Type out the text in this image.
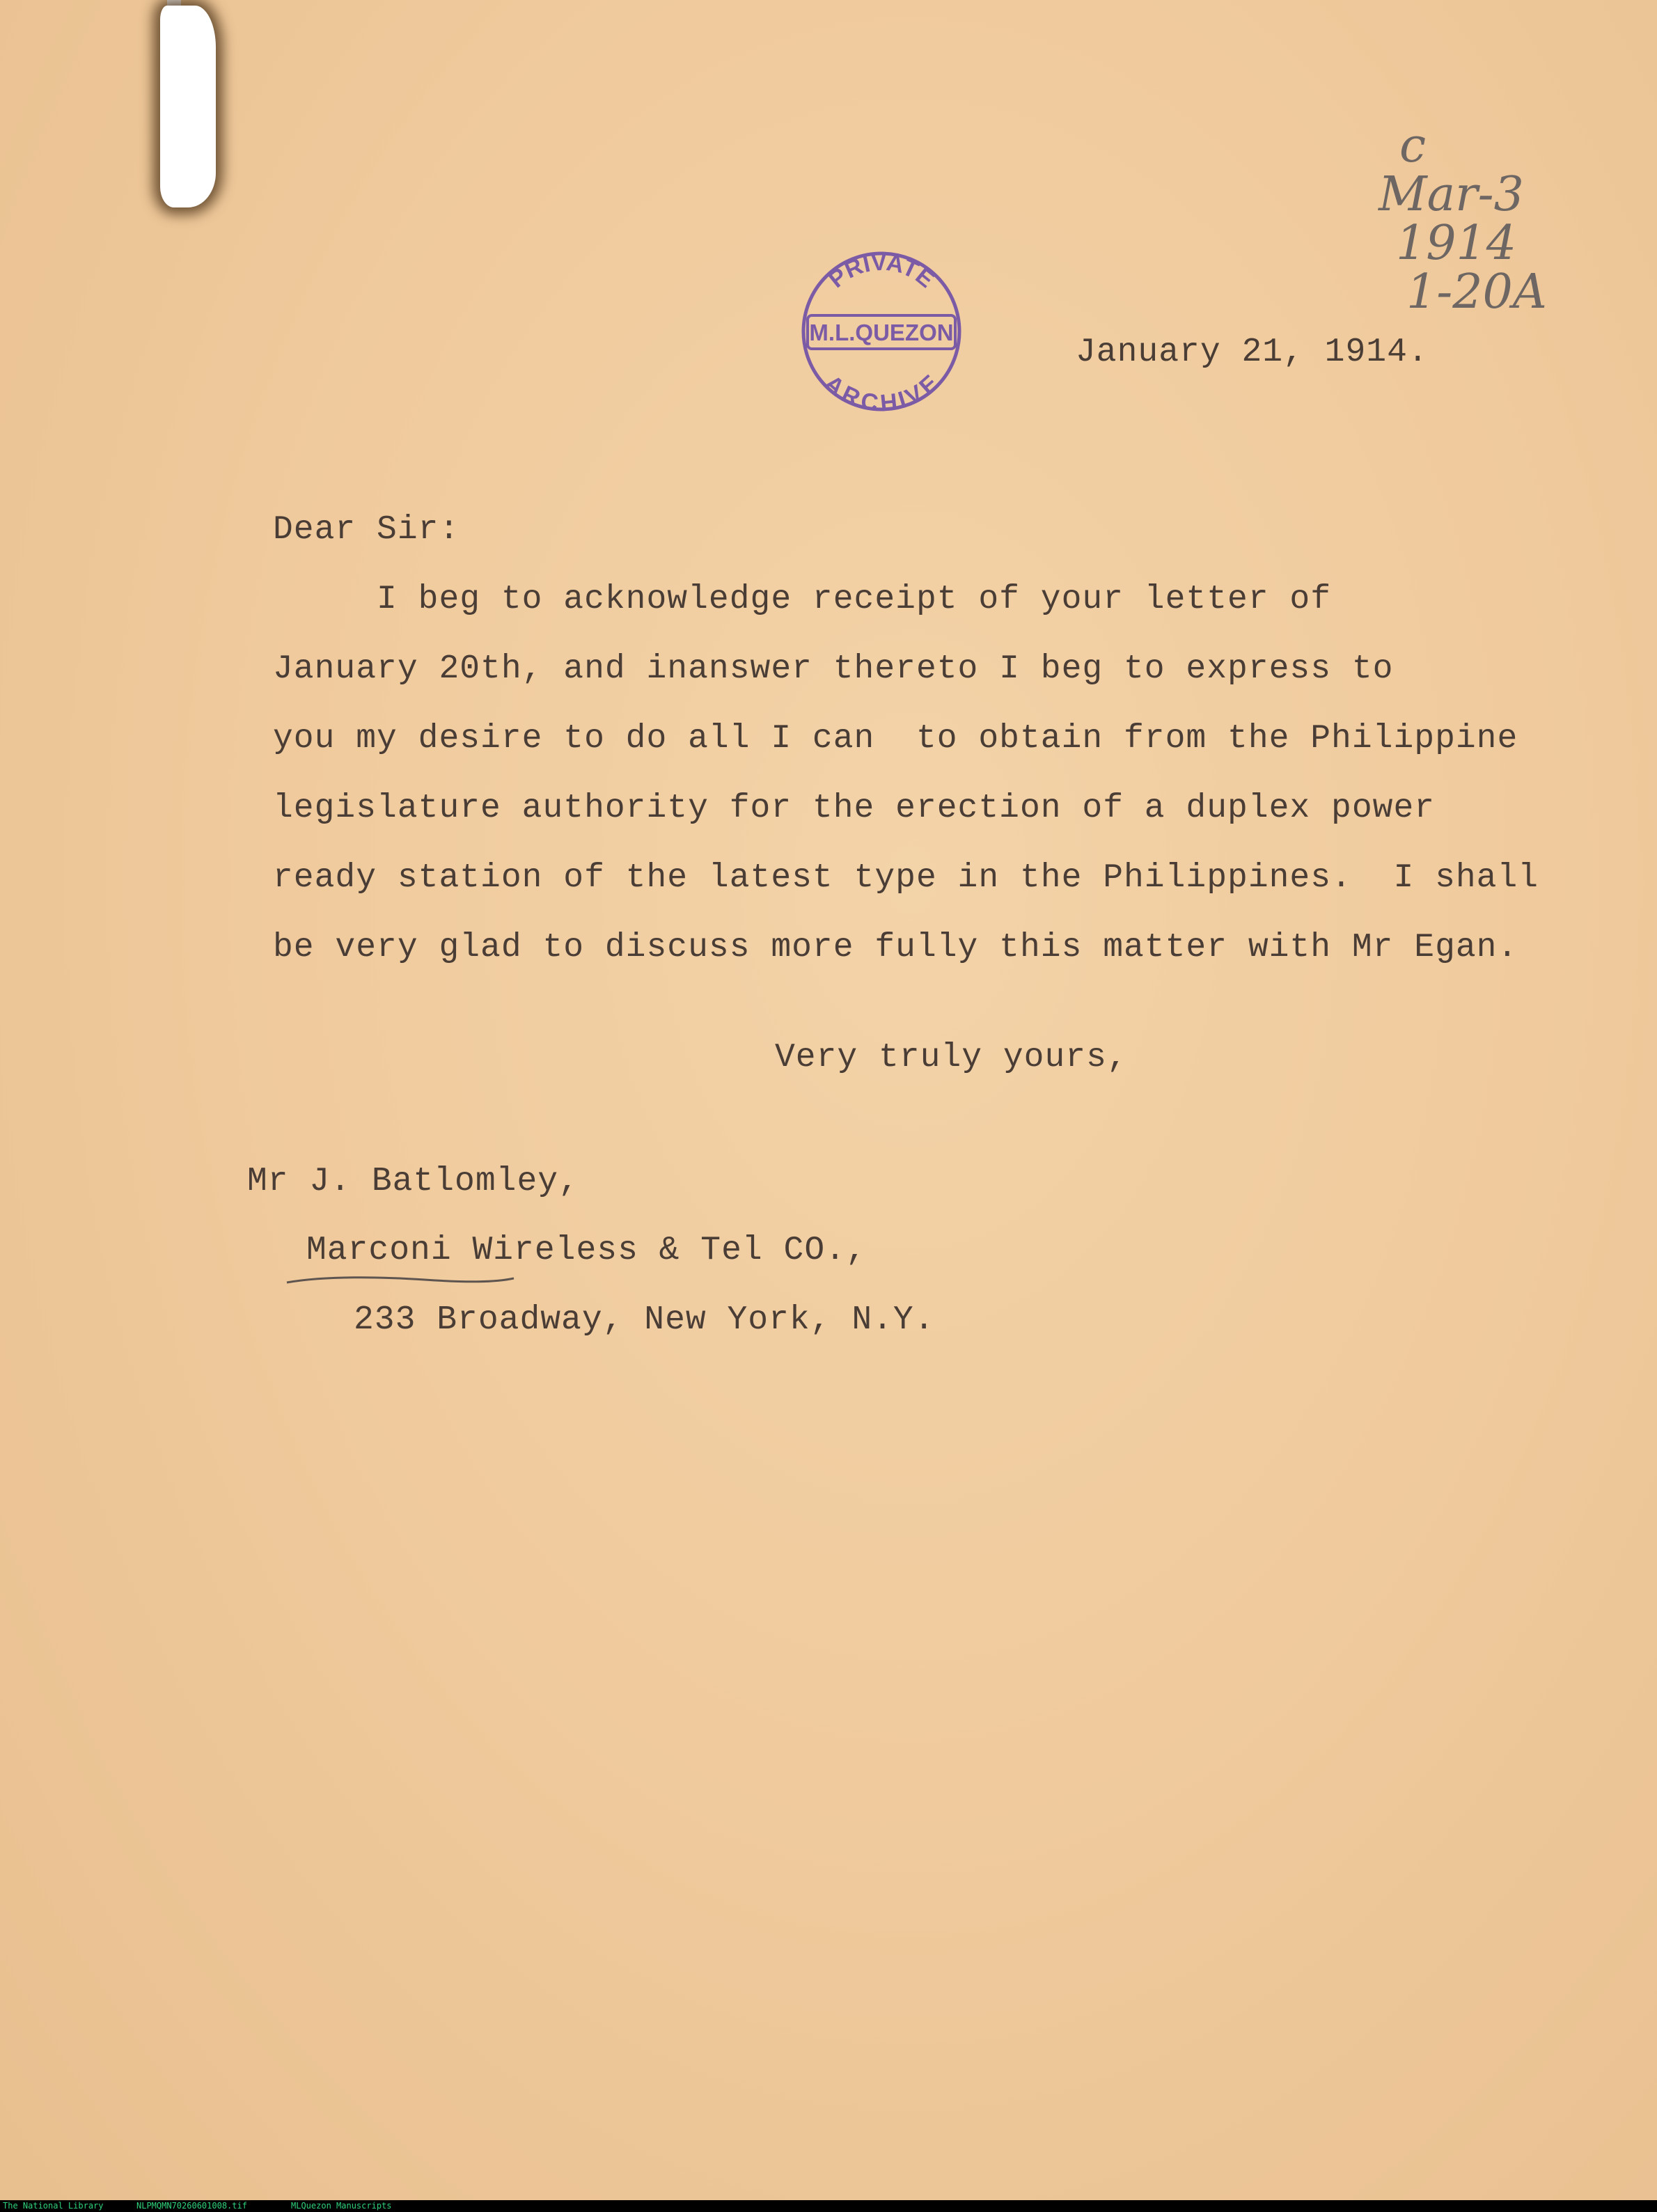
PRIVATE
M.L.QUEZON
ARCHIVE
c
Mar-3
1914
1-20A
January 21, 1914.
Dear Sir:
I beg to acknowledge receipt of your letter of
January 20th, and inanswer thereto I beg to express to
you my desire to do all I can  to obtain from the Philippine
legislature authority for the erection of a duplex power
ready station of the latest type in the Philippines.  I shall
be very glad to discuss more fully this matter with Mr Egan.
Very truly yours,
Mr J. Batlomley,
Marconi Wireless & Tel CO.,
233 Broadway, New York, N.Y.
The National Library	NLPMQMN70260601008.tif	MLQuezon Manuscripts
